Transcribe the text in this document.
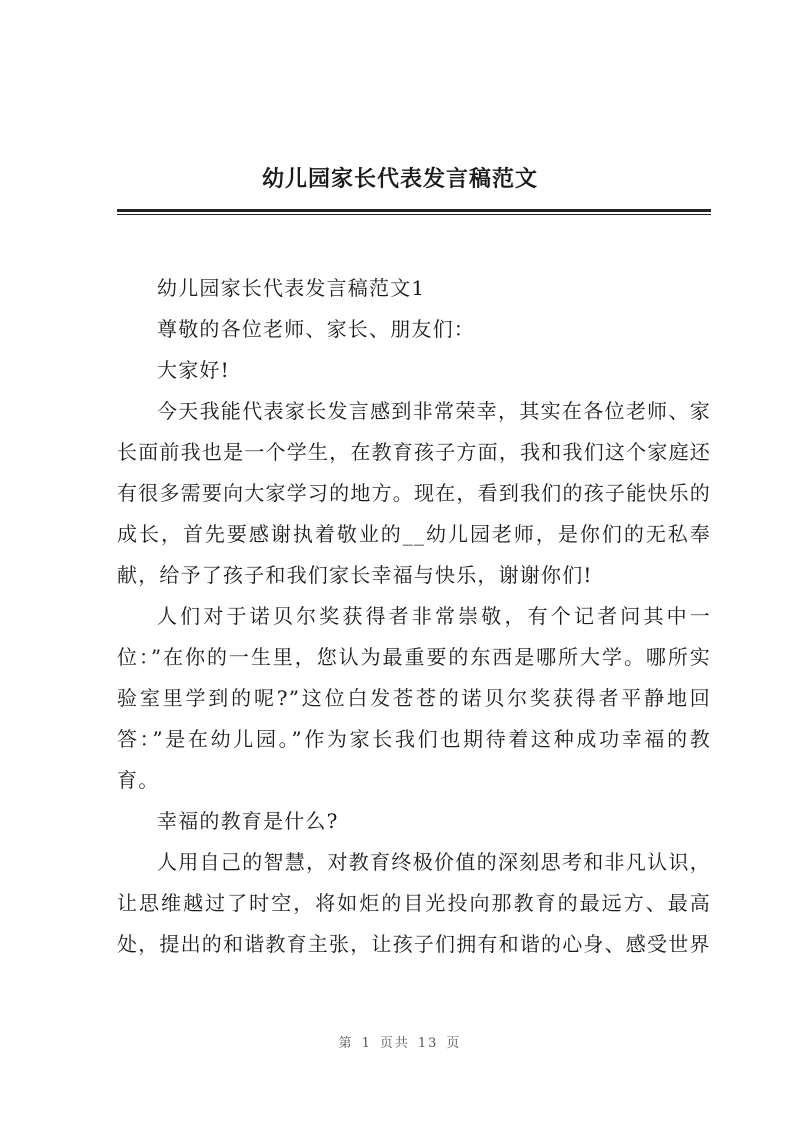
幼儿园家长代表发言稿范文

幼儿园家长代表发言稿范文1

尊敬的各位老师、家长、朋友们：

大家好!

今天我能代表家长发言感到非常荣幸，其实在各位老师、家长面前我也是一个学生，在教育孩子方面，我和我们这个家庭还有很多需要向大家学习的地方。现在，看到我们的孩子能快乐的成长，首先要感谢执着敬业的__幼儿园老师，是你们的无私奉献，给予了孩子和我们家长幸福与快乐，谢谢你们!

人们对于诺贝尔奖获得者非常崇敬，有个记者问其中一位：”在你的一生里，您认为最重要的东西是哪所大学。哪所实验室里学到的呢?”这位白发苍苍的诺贝尔奖获得者平静地回答：”是在幼儿园。”作为家长我们也期待着这种成功幸福的教育。

幸福的教育是什么?

人用自己的智慧，对教育终极价值的深刻思考和非凡认识，让思维越过了时空，将如炬的目光投向那教育的最远方、最高处，提出的和谐教育主张，让孩子们拥有和谐的心身、感受世界

第 1 页共 13 页
